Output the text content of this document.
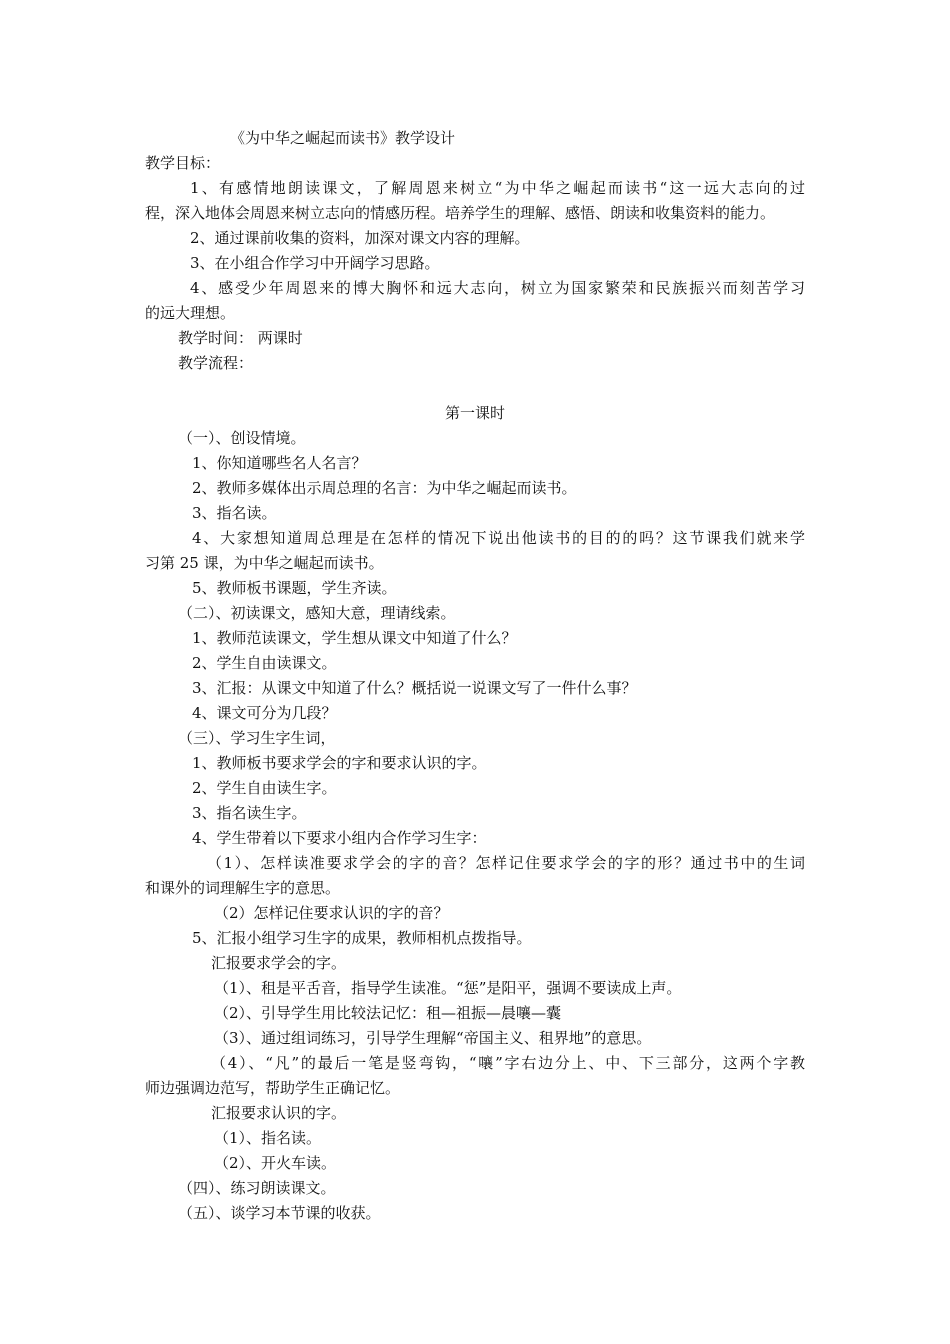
《为中华之崛起而读书》教学设计
教学目标：
1、有感情地朗读课文，了解周恩来树立“为中华之崛起而读书“这一远大志向的过
程，深入地体会周恩来树立志向的情感历程。培养学生的理解、感悟、朗读和收集资料的能力。
2、通过课前收集的资料，加深对课文内容的理解。
3、在小组合作学习中开阔学习思路。
4、感受少年周恩来的博大胸怀和远大志向，树立为国家繁荣和民族振兴而刻苦学习
的远大理想。
教学时间： 两课时
教学流程：
第一课时
（一）、创设情境。
1、你知道哪些名人名言？
2、教师多媒体出示周总理的名言：为中华之崛起而读书。
3、指名读。
4、大家想知道周总理是在怎样的情况下说出他读书的目的的吗？这节课我们就来学
习第 25 课，为中华之崛起而读书。
5、教师板书课题，学生齐读。
（二）、初读课文，感知大意，理请线索。
1、教师范读课文，学生想从课文中知道了什么？
2、学生自由读课文。
3、汇报：从课文中知道了什么？概括说一说课文写了一件什么事？
4、课文可分为几段？
（三）、学习生字生词，
1、教师板书要求学会的字和要求认识的字。
2、学生自由读生字。
3、指名读生字。
4、学生带着以下要求小组内合作学习生字：
（1）、怎样读准要求学会的字的音？怎样记住要求学会的字的形？通过书中的生词
和课外的词理解生字的意思。
（2）怎样记住要求认识的字的音？
5、汇报小组学习生字的成果，教师相机点拨指导。
汇报要求学会的字。
（1）、租是平舌音，指导学生读准。“惩”是阳平，强调不要读成上声。
（2）、引导学生用比较法记忆：租—祖振—晨嚷—囊
（3）、通过组词练习，引导学生理解“帝国主义、租界地”的意思。
（4）、“凡”的最后一笔是竖弯钩，“嚷”字右边分上、中、下三部分，这两个字教
师边强调边范写，帮助学生正确记忆。
汇报要求认识的字。
（1）、指名读。
（2）、开火车读。
（四）、练习朗读课文。
（五）、谈学习本节课的收获。
